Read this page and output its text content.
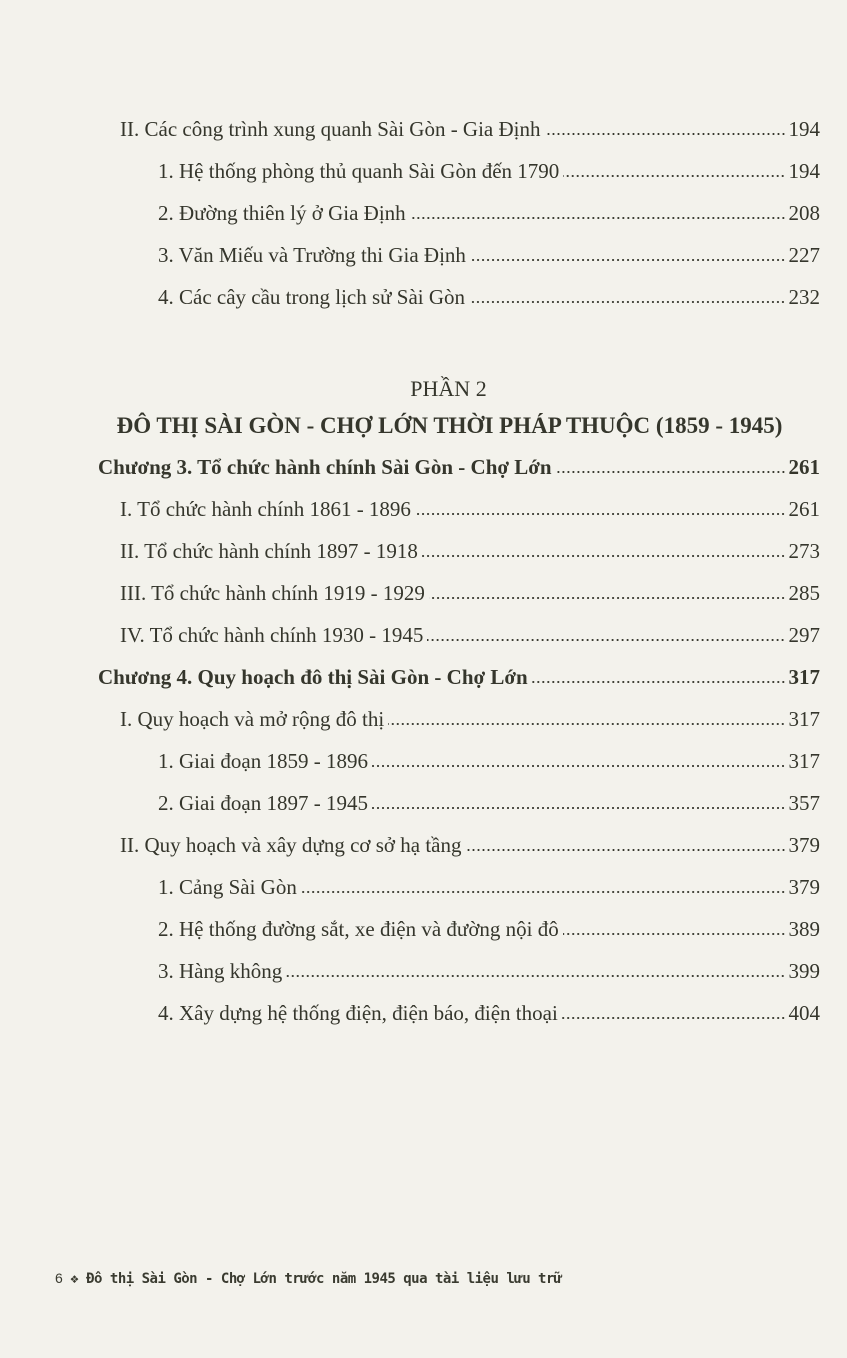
II. Các công trình xung quanh Sài Gòn - Gia Định	194
1. Hệ thống phòng thủ quanh Sài Gòn đến 1790	194
2. Đường thiên lý ở Gia Định	208
3. Văn Miếu và Trường thi Gia Định	227
4. Các cây cầu trong lịch sử Sài Gòn	232
PHẦN 2
ĐÔ THỊ SÀI GÒN - CHỢ LỚN THỜI PHÁP THUỘC (1859 - 1945)
Chương 3. Tổ chức hành chính Sài Gòn - Chợ Lớn	261
I. Tổ chức hành chính 1861 - 1896	261
II. Tổ chức hành chính 1897 - 1918	273
III. Tổ chức hành chính 1919 - 1929	285
IV. Tổ chức hành chính 1930 - 1945	297
Chương 4. Quy hoạch đô thị Sài Gòn - Chợ Lớn	317
I. Quy hoạch và mở rộng đô thị	317
1. Giai đoạn 1859 - 1896	317
2. Giai đoạn 1897 - 1945	357
II. Quy hoạch và xây dựng cơ sở hạ tầng	379
1. Cảng Sài Gòn	379
2. Hệ thống đường sắt, xe điện và đường nội đô	389
3. Hàng không	399
4. Xây dựng hệ thống điện, điện báo, điện thoại	404
6 ❖ Đô thị Sài Gòn - Chợ Lớn trước năm 1945 qua tài liệu lưu trữ
